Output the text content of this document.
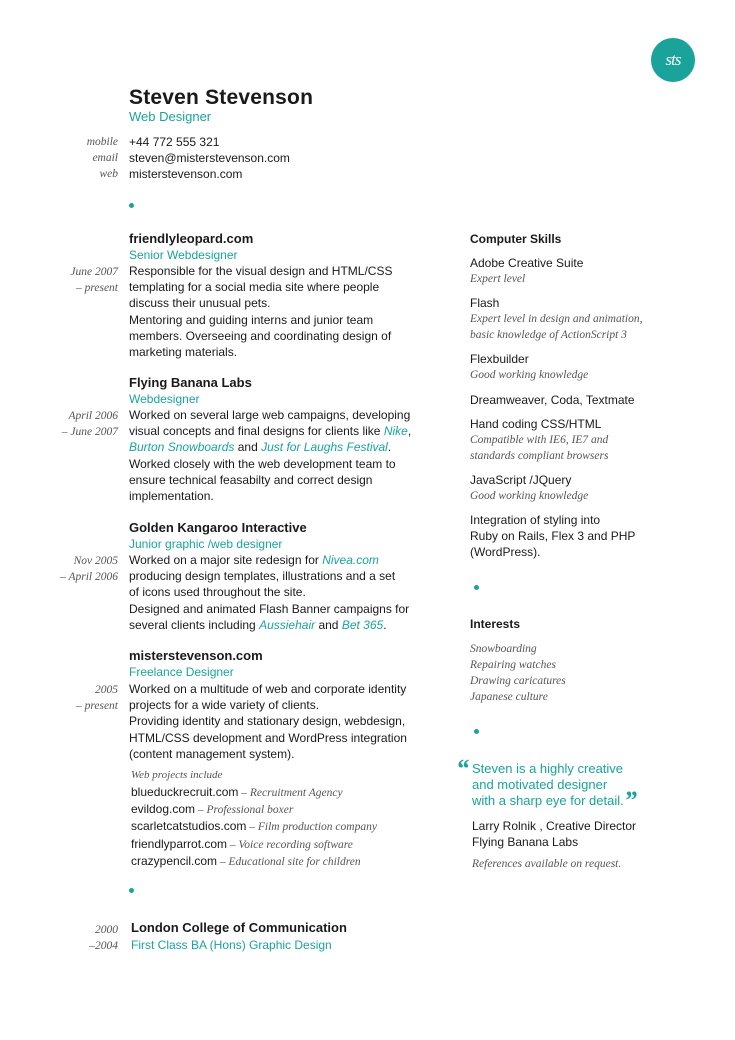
sts
Steven Stevenson
Web Designer
mobile +44 772 555 321
email steven@misterstevenson.com
web misterstevenson.com
friendlyleopard.com
Senior Webdesigner
June 2007
– present
Responsible for the visual design and HTML/CSS
templating for a social media site where people
discuss their unusual pets.
Mentoring and guiding interns and junior team
members. Overseeing and coordinating design of
marketing materials.
Flying Banana Labs
Webdesigner
April 2006
– June 2007
Worked on several large web campaigns, developing
visual concepts and final designs for clients like Nike,
Burton Snowboards and Just for Laughs Festival.
Worked closely with the web development team to
ensure technical feasabilty and correct design
implementation.
Golden Kangaroo Interactive
Junior graphic /web designer
Nov 2005
– April 2006
Worked on a major site redesign for Nivea.com
producing design templates, illustrations and a set
of icons used throughout the site.
Designed and animated Flash Banner campaigns for
several clients including Aussiehair and Bet 365.
misterstevenson.com
Freelance Designer
2005
– present
Worked on a multitude of web and corporate identity
projects for a wide variety of clients.
Providing identity and stationary design, webdesign,
HTML/CSS development and WordPress integration
(content management system).
Web projects include
blueduckrecruit.com – Recruitment Agency
evildog.com – Professional boxer
scarletcatstudios.com – Film production company
friendlyparrot.com – Voice recording software
crazypencil.com – Educational site for children
2000
–2004
London College of Communication
First Class BA (Hons) Graphic Design
Computer Skills
Adobe Creative Suite
Expert level
Flash
Expert level in design and animation,
basic knowledge of ActionScript 3
Flexbuilder
Good working knowledge
Dreamweaver, Coda, Textmate
Hand coding CSS/HTML
Compatible with IE6, IE7 and
standards compliant browsers
JavaScript /JQuery
Good working knowledge
Integration of styling into
Ruby on Rails, Flex 3 and PHP
(WordPress).
Interests
Snowboarding
Repairing watches
Drawing caricatures
Japanese culture
“ Steven is a highly creative
and motivated designer
with a sharp eye for detail. ”
Larry Rolnik , Creative Director
Flying Banana Labs
References available on request.
